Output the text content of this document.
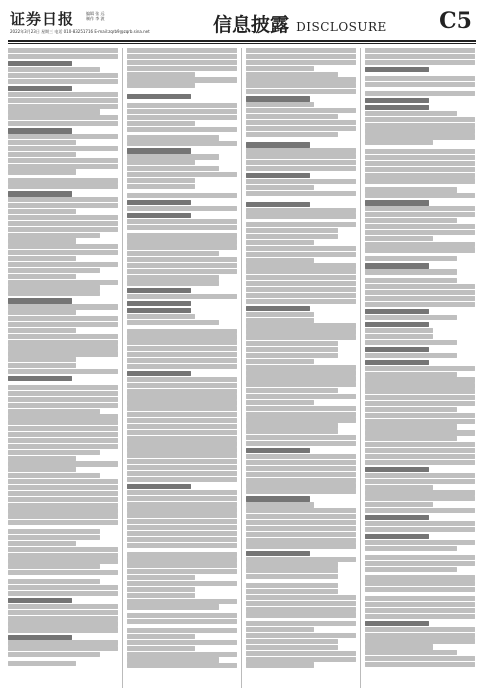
证券日报	编辑 张 远
制作 李 波
2022年3月23日 星期三 电话 010-83251716 E-mail:zqrb9@zqrb.sina.net	信息披露 DISCLOSURE C5
